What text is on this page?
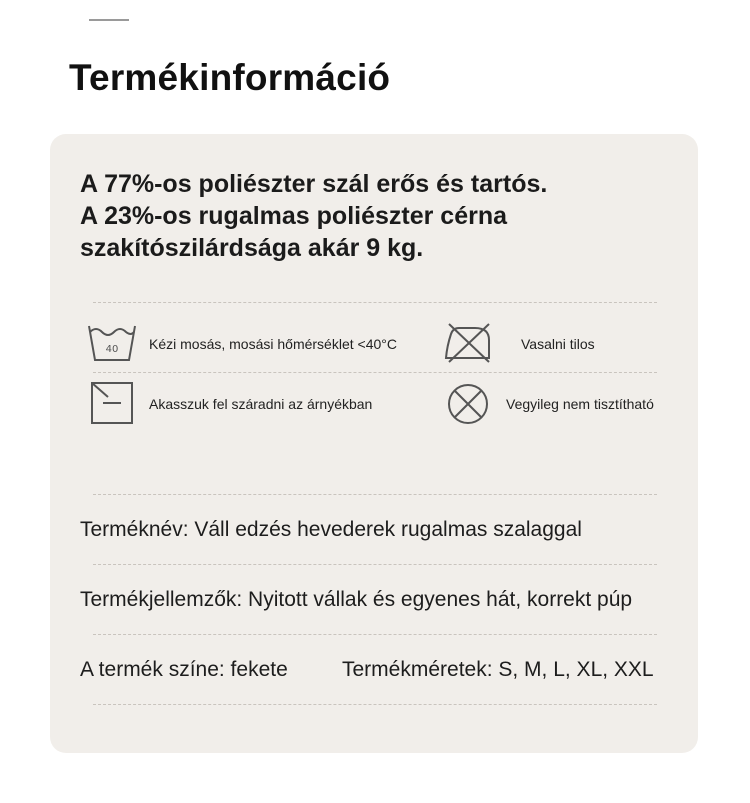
Termékinformáció
A 77%-os poliészter szál erős és tartós.
A 23%-os rugalmas poliészter cérna
szakítószilárdsága akár 9 kg.
40 Kézi mosás, mosási hőmérséklet <40°C	Vasalni tilos
Akasszuk fel száradni az árnyékban	Vegyileg nem tisztítható
Terméknév: Váll edzés hevederek rugalmas szalaggal
Termékjellemzők: Nyitott vállak és egyenes hát, korrekt púp
A termék színe: fekete	Termékméretek: S, M, L, XL, XXL
